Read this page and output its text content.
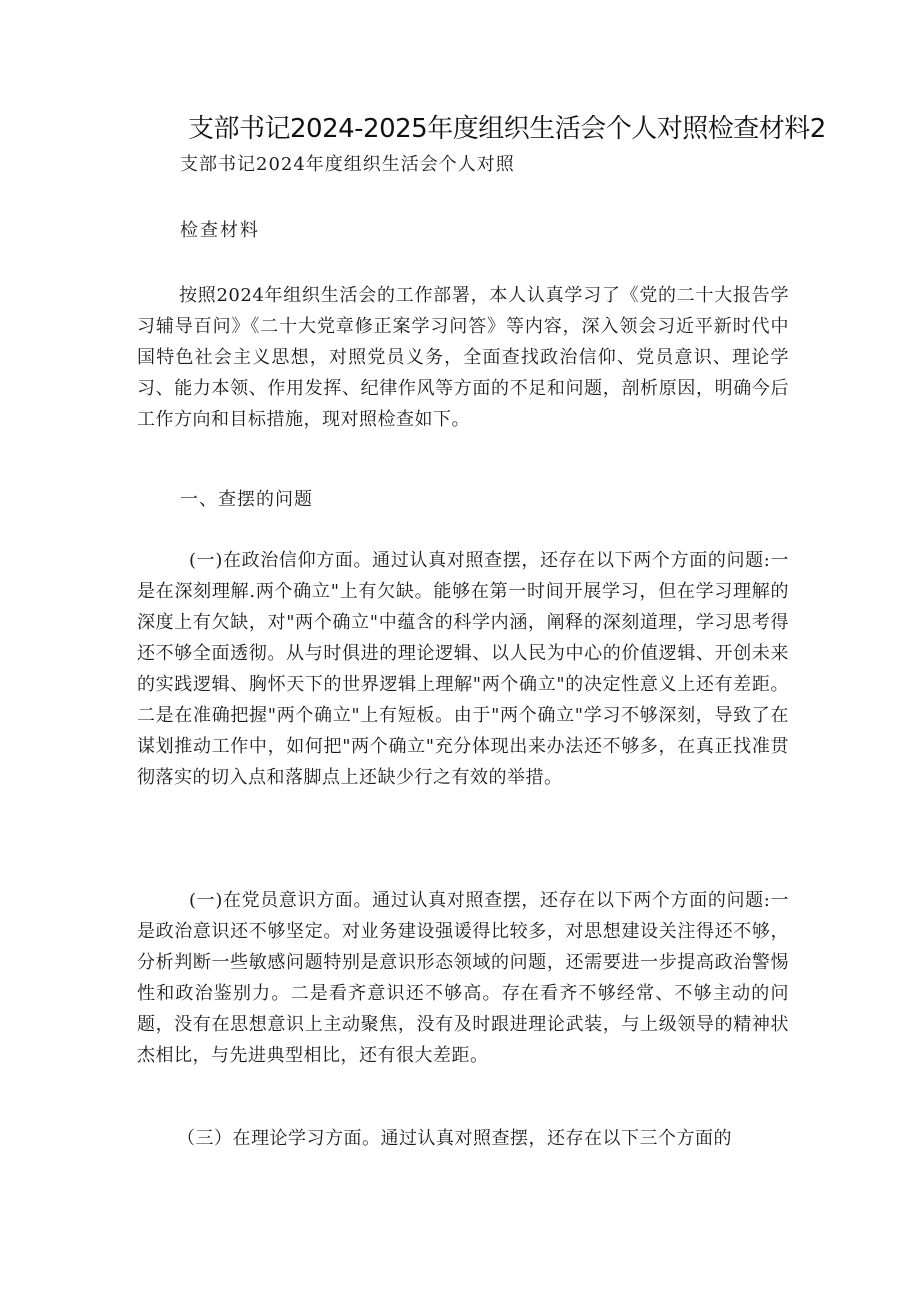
支部书记2024-2025年度组织生活会个人对照检查材料2
支部书记2024年度组织生活会个人对照
检查材料
按照2024年组织生活会的工作部署，本人认真学习了《党的二十大报告学习辅导百问》《二十大党章修正案学习问答》等内容，深入领会习近平新时代中国特色社会主义思想，对照党员义务，全面查找政治信仰、党员意识、理论学习、能力本领、作用发挥、纪律作风等方面的不足和问题，剖析原因，明确今后工作方向和目标措施，现对照检查如下。
一、查摆的问题
(一)在政治信仰方面。通过认真对照查摆，还存在以下两个方面的问题:一是在深刻理解.两个确立"上有欠缺。能够在第一时间开展学习，但在学习理解的深度上有欠缺，对"两个确立"中蕴含的科学内涵，阐释的深刻道理，学习思考得还不够全面透彻。从与时俱进的理论逻辑、以人民为中心的价值逻辑、开创未来的实践逻辑、胸怀天下的世界逻辑上理解"两个确立"的决定性意义上还有差距。二是在准确把握"两个确立"上有短板。由于"两个确立"学习不够深刻，导致了在谋划推动工作中，如何把"两个确立"充分体现出来办法还不够多，在真正找准贯彻落实的切入点和落脚点上还缺少行之有效的举措。
(一)在党员意识方面。通过认真对照查摆，还存在以下两个方面的问题:一是政治意识还不够坚定。对业务建设强谖得比较多，对思想建设关注得还不够，分析判断一些敏感问题特别是意识形态领域的问题，还需要进一步提高政治警惕性和政治鉴别力。二是看齐意识还不够高。存在看齐不够经常、不够主动的问题，没有在思想意识上主动聚焦，没有及时跟进理论武装，与上级领导的精神状杰相比，与先进典型相比，还有很大差距。
（三）在理论学习方面。通过认真对照查摆，还存在以下三个方面的
